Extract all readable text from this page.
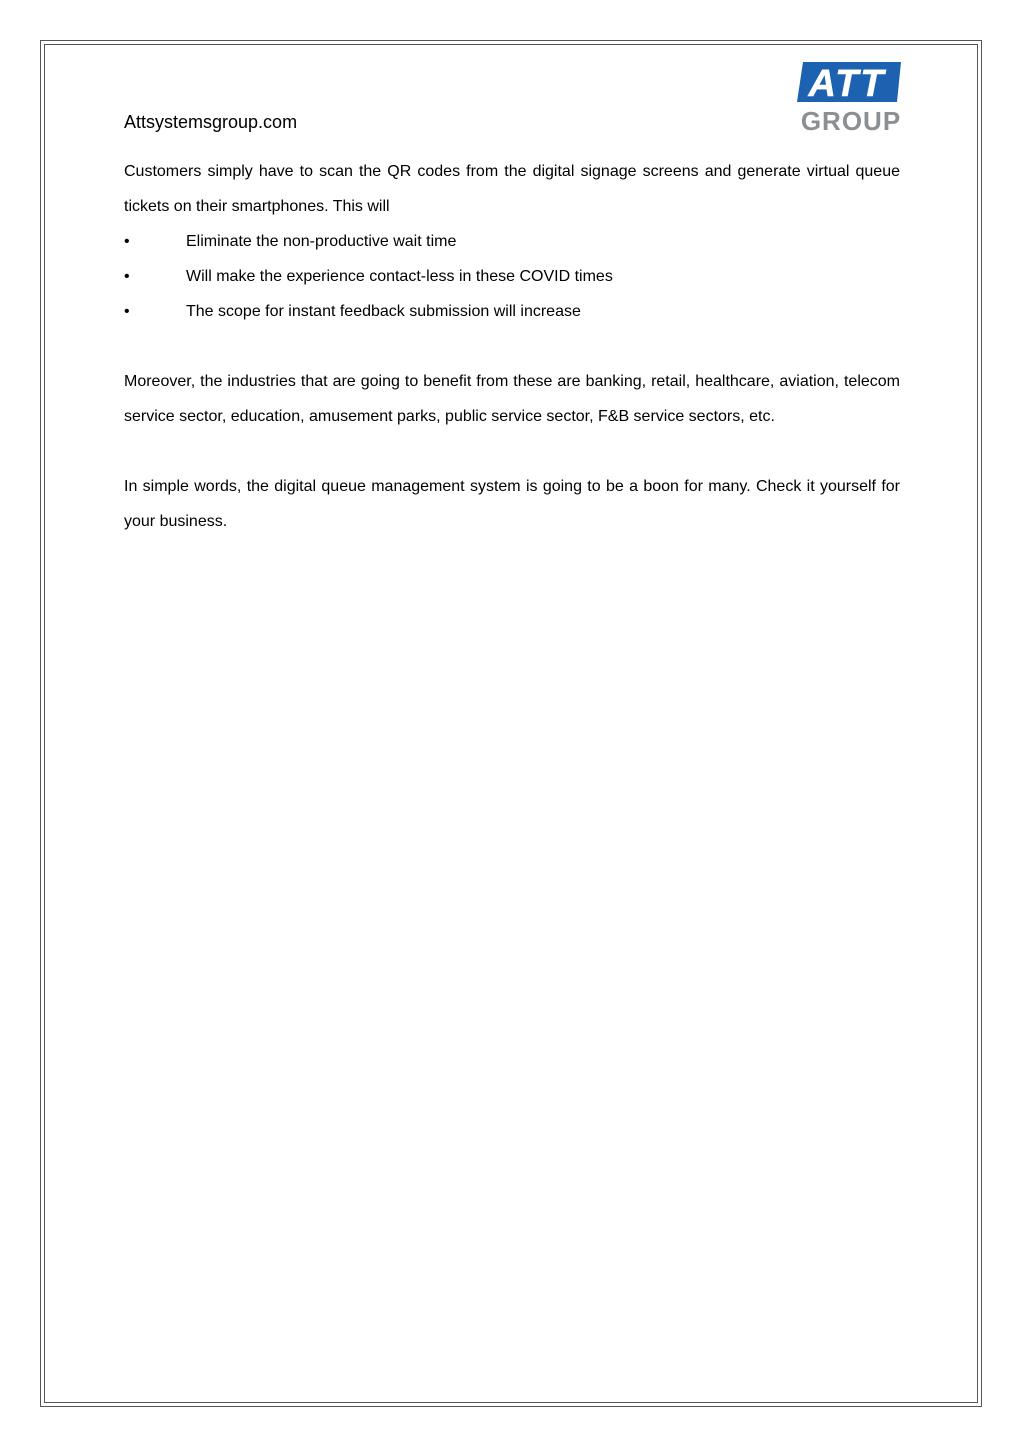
Attsystemsgroup.com
ATT
GROUP

Customers simply have to scan the QR codes from the digital signage screens and generate virtual queue tickets on their smartphones. This will

•	Eliminate the non-productive wait time
•	Will make the experience contact-less in these COVID times
•	The scope for instant feedback submission will increase

Moreover, the industries that are going to benefit from these are banking, retail, healthcare, aviation, telecom service sector, education, amusement parks, public service sector, F&B service sectors, etc.

In simple words, the digital queue management system is going to be a boon for many. Check it yourself for your business.
